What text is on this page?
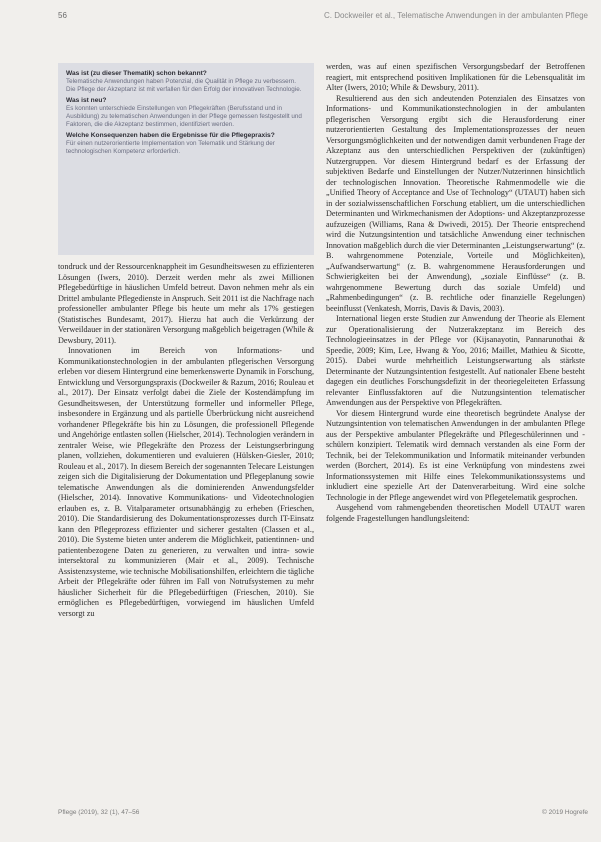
56	C. Dockweiler et al., Telematische Anwendungen in der ambulanten Pflege
Was ist (zu dieser Thematik) schon bekannt?

Telematische Anwendungen haben Potenzial, die Qualität in Pflege zu verbessern. Die Pflege der Akzeptanz ist mit verfallen für den Erfolg der innovativen Technologie.

Was ist neu?

Es konnten unterschiede Einstellungen von Pflegekräften (Berufsstand und in Ausbildung) zu telematischen Anwendungen in der Pflege gemessen festgestellt und Faktoren, die die Akzeptanz bestimmen, identifiziert werden.

Welche Konsequenzen haben die Ergebnisse für die Pflegepraxis?

Für einen nutzerorientierte Implementation von Telematik und Stärkung der technologischen Kompetenz erforderlich.

tondruck und der Ressourcenknappheit im Gesundheitswesen zu effizienteren Lösungen (Iwers, 2010). Derzeit werden mehr als zwei Millionen Pflegebedürftige in häuslichen Umfeld betreut. Davon nehmen mehr als ein Drittel ambulante Pflegedienste in Anspruch. Seit 2011 ist die Nachfrage nach professioneller ambulanter Pflege bis heute um mehr als 17% gestiegen (Statistisches Bundesamt, 2017). Hierzu hat auch die Verkürzung der Verweildauer in der stationären Versorgung maßgeblich beigetragen (While & Dewsbury, 2011).

Innovationen im Bereich von Informations- und Kommunikationstechnologien in der ambulanten pflegerischen Versorgung erleben vor diesem Hintergrund eine bemerkenswerte Dynamik in Forschung, Entwicklung und Versorgungspraxis (Dockweiler & Razum, 2016; Rouleau et al., 2017). Der Einsatz verfolgt dabei die Ziele der Kostendämpfung im Gesundheitswesen, der Unterstützung formeller und informeller Pflege, insbesondere in Ergänzung und als partielle Überbrückung nicht ausreichend vorhandener Pflegekräfte bis hin zu Lösungen, die professionell Pflegende und Angehörige entlasten sollen (Hielscher, 2014). Technologien verändern in zentraler Weise, wie Pflegekräfte den Prozess der Leistungserbringung planen, vollziehen, dokumentieren und evaluieren (Hülsken-Giesler, 2010; Rouleau et al., 2017). In diesem Bereich der sogenannten Telecare Leistungen zeigen sich die Digitalisierung der Dokumentation und Pflegeplanung sowie telematische Anwendungen als die dominierenden Anwendungsfelder (Hielscher, 2014). Innovative Kommunikations- und Videotechnologien erlauben es, z. B. Vitalparameter ortsunabhängig zu erheben (Frieschen, 2010). Die Standardisierung des Dokumentationsprozesses durch IT-Einsatz kann den Pflegeprozess effizienter und sicherer gestalten (Classen et al., 2010). Die Systeme bieten unter anderem die Möglichkeit, patientinnen- und patientenbezogene Daten zu generieren, zu verwalten und intra- sowie intersektoral zu kommunizieren (Mair et al., 2009). Technische Assistenzsysteme, wie technische Mobilisationshilfen, erleichtern die tägliche Arbeit der Pflegekräfte oder führen im Fall von Notrufsystemen zu mehr häuslicher Sicherheit für die Pflegebedürftigen (Frieschen, 2010). Sie ermöglichen es Pflegebedürftigen, vorwiegend im häuslichen Umfeld versorgt zu

werden, was auf einen spezifischen Versorgungsbedarf der Betroffenen reagiert, mit entsprechend positiven Implikationen für die Lebensqualität im Alter (Iwers, 2010; While & Dewsbury, 2011).

Resultierend aus den sich andeutenden Potenzialen des Einsatzes von Informations- und Kommunikationstechnologien in der ambulanten pflegerischen Versorgung ergibt sich die Herausforderung einer nutzerorientierten Gestaltung des Implementationsprozesses der neuen Versorgungsmöglichkeiten und der notwendigen damit verbundenen Frage der Akzeptanz aus den unterschiedlichen Perspektiven der (zukünftigen) Nutzergruppen. Vor diesem Hintergrund bedarf es der Erfassung der subjektiven Bedarfe und Einstellungen der Nutzer/Nutzerinnen hinsichtlich der technologischen Innovation. Theoretische Rahmenmodelle wie die „Unified Theory of Acceptance and Use of Technology“ (UTAUT) haben sich in der sozialwissenschaftlichen Forschung etabliert, um die unterschiedlichen Determinanten und Wirkmechanismen der Adoptions- und Akzeptanzprozesse aufzuzeigen (Williams, Rana & Dwivedi, 2015). Der Theorie entsprechend wird die Nutzungsintention und tatsächliche Anwendung einer technischen Innovation maßgeblich durch die vier Determinanten „Leistungserwartung“ (z. B. wahrgenommene Potenziale, Vorteile und Möglichkeiten), „Aufwandserwartung“ (z. B. wahrgenommene Herausforderungen und Schwierigkeiten bei der Anwendung), „soziale Einflüsse“ (z. B. wahrgenommene Bewertung durch das soziale Umfeld) und „Rahmenbedingungen“ (z. B. rechtliche oder finanzielle Regelungen) beeinflusst (Venkatesh, Morris, Davis & Davis, 2003).

International liegen erste Studien zur Anwendung der Theorie als Element zur Operationalisierung der Nutzerakzeptanz im Bereich des Technologieeinsatzes in der Pflege vor (Kijsanayotin, Pannarunothai & Speedie, 2009; Kim, Lee, Hwang & Yoo, 2016; Maillet, Mathieu & Sicotte, 2015). Dabei wurde mehrheitlich Leistungserwartung als stärkste Determinante der Nutzungsintention festgestellt. Auf nationaler Ebene besteht dagegen ein deutliches Forschungsdefizit in der theoriegeleiteten Erfassung relevanter Einflussfaktoren auf die Nutzungsintention telematischer Anwendungen aus der Perspektive von Pflegekräften.

Vor diesem Hintergrund wurde eine theoretisch begründete Analyse der Nutzungsintention von telematischen Anwendungen in der ambulanten Pflege aus der Perspektive ambulanter Pflegekräfte und Pflegeschülerinnen und -schülern konzipiert. Telematik wird demnach verstanden als eine Form der Technik, bei der Telekommunikation und Informatik miteinander verbunden werden (Borchert, 2014). Es ist eine Verknüpfung von mindestens zwei Informationssystemen mit Hilfe eines Telekommunikationssystems und inkludiert eine spezielle Art der Datenverarbeitung. Wird eine solche Technologie in der Pflege angewendet wird von Pflegetelematik gesprochen.

Ausgehend vom rahmengebenden theoretischen Modell UTAUT waren folgende Fragestellungen handlungsleitend:

Pflege (2019), 32 (1), 47–56	© 2019 Hogrefe
